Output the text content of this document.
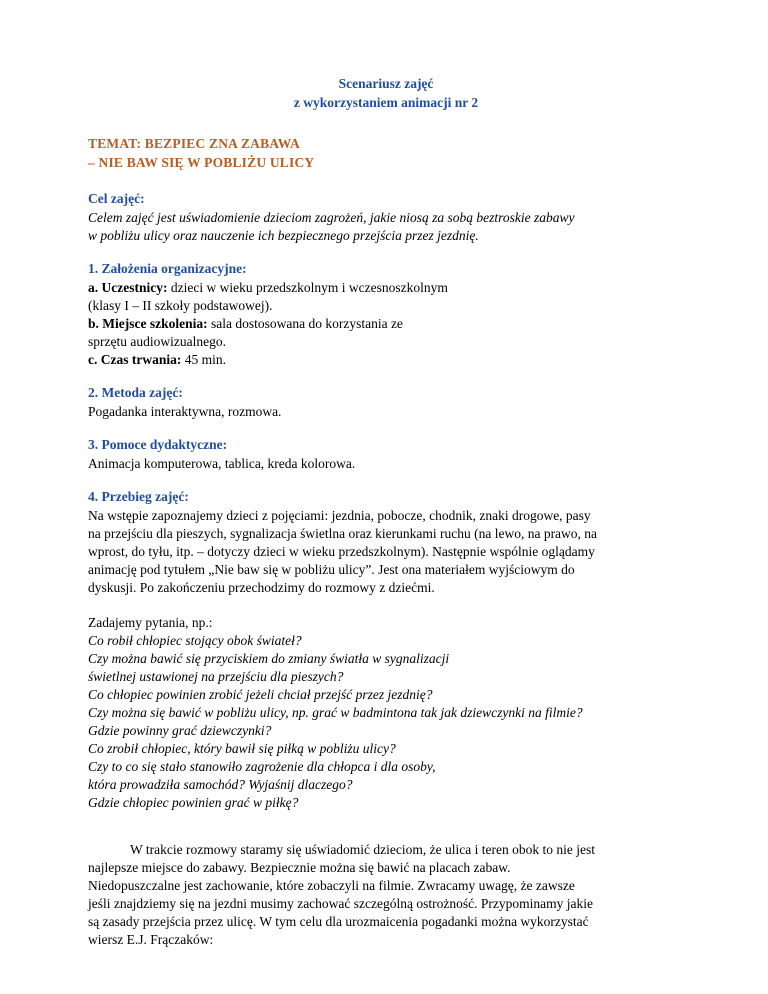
Scenariusz zajęć
z wykorzystaniem animacji nr 2
TEMAT: BEZPIEC ZNA ZABAWA
– NIE BAW SIĘ W POBLIŻU ULICY
Cel zajęć:
Celem zajęć jest uświadomienie dzieciom zagrożeń, jakie niosą za sobą beztroskie zabawy
w pobliżu ulicy oraz nauczenie ich bezpiecznego przejścia przez jezdnię.
1. Założenia organizacyjne:
a. Uczestnicy: dzieci w wieku przedszkolnym i wczesnoszkolnym
(klasy I – II szkoły podstawowej).
b. Miejsce szkolenia: sala dostosowana do korzystania ze
sprzętu audiowizualnego.
c. Czas trwania: 45 min.
2. Metoda zajęć:
Pogadanka interaktywna, rozmowa.
3. Pomoce dydaktyczne:
Animacja komputerowa, tablica, kreda kolorowa.
4. Przebieg zajęć:
Na wstępie zapoznajemy dzieci z pojęciami: jezdnia, pobocze, chodnik, znaki drogowe, pasy
na przejściu dla pieszych, sygnalizacja świetlna oraz kierunkami ruchu (na lewo, na prawo, na
wprost, do tyłu, itp. – dotyczy dzieci w wieku przedszkolnym). Następnie wspólnie oglądamy
animację pod tytułem „Nie baw się w pobliżu ulicy”. Jest ona materiałem wyjściowym do
dyskusji. Po zakończeniu przechodzimy do rozmowy z dziećmi.
Zadajemy pytania, np.:
Co robił chłopiec stojący obok świateł?
Czy można bawić się przyciskiem do zmiany światła w sygnalizacji
świetlnej ustawionej na przejściu dla pieszych?
Co chłopiec powinien zrobić jeżeli chciał przejść przez jezdnię?
Czy można się bawić w pobliżu ulicy, np. grać w badmintona tak jak dziewczynki na filmie?
Gdzie powinny grać dziewczynki?
Co zrobił chłopiec, który bawił się piłką w pobliżu ulicy?
Czy to co się stało stanowiło zagrożenie dla chłopca i dla osoby,
która prowadziła samochód? Wyjaśnij dlaczego?
Gdzie chłopiec powinien grać w piłkę?
W trakcie rozmowy staramy się uświadomić dzieciom, że ulica i teren obok to nie jest
najlepsze miejsce do zabawy. Bezpiecznie można się bawić na placach zabaw.
Niedopuszczalne jest zachowanie, które zobaczyli na filmie. Zwracamy uwagę, że zawsze
jeśli znajdziemy się na jezdni musimy zachować szczególną ostrożność. Przypominamy jakie
są zasady przejścia przez ulicę. W tym celu dla urozmaicenia pogadanki można wykorzystać
wiersz E.J. Frączaków:
